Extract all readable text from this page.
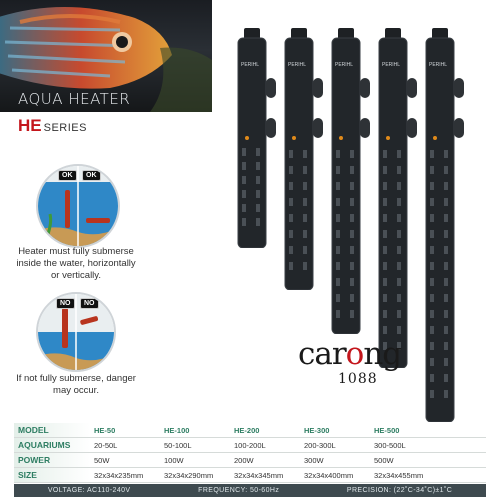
AQUA HEATER
HE SERIES
OK	OK
Heater must fully submerse inside the water, horizontally or vertically.
NO	NO
If not fully submerse, danger may occur.
PERIHL	PERIHL	PERIHL	PERIHL	PERIHL
carong
1088
MODEL	HE-50	HE-100	HE-200	HE-300	HE-500
AQUARIUMS	20-50L	50-100L	100-200L	200-300L	300-500L
POWER	50W	100W	200W	300W	500W
SIZE	32x34x235mm	32x34x290mm	32x34x345mm	32x34x400mm	32x34x455mm
VOLTAGE: AC110-240V	FREQUENCY: 50-60Hz	PRECISION: (22˚C-34˚C)±1˚C
